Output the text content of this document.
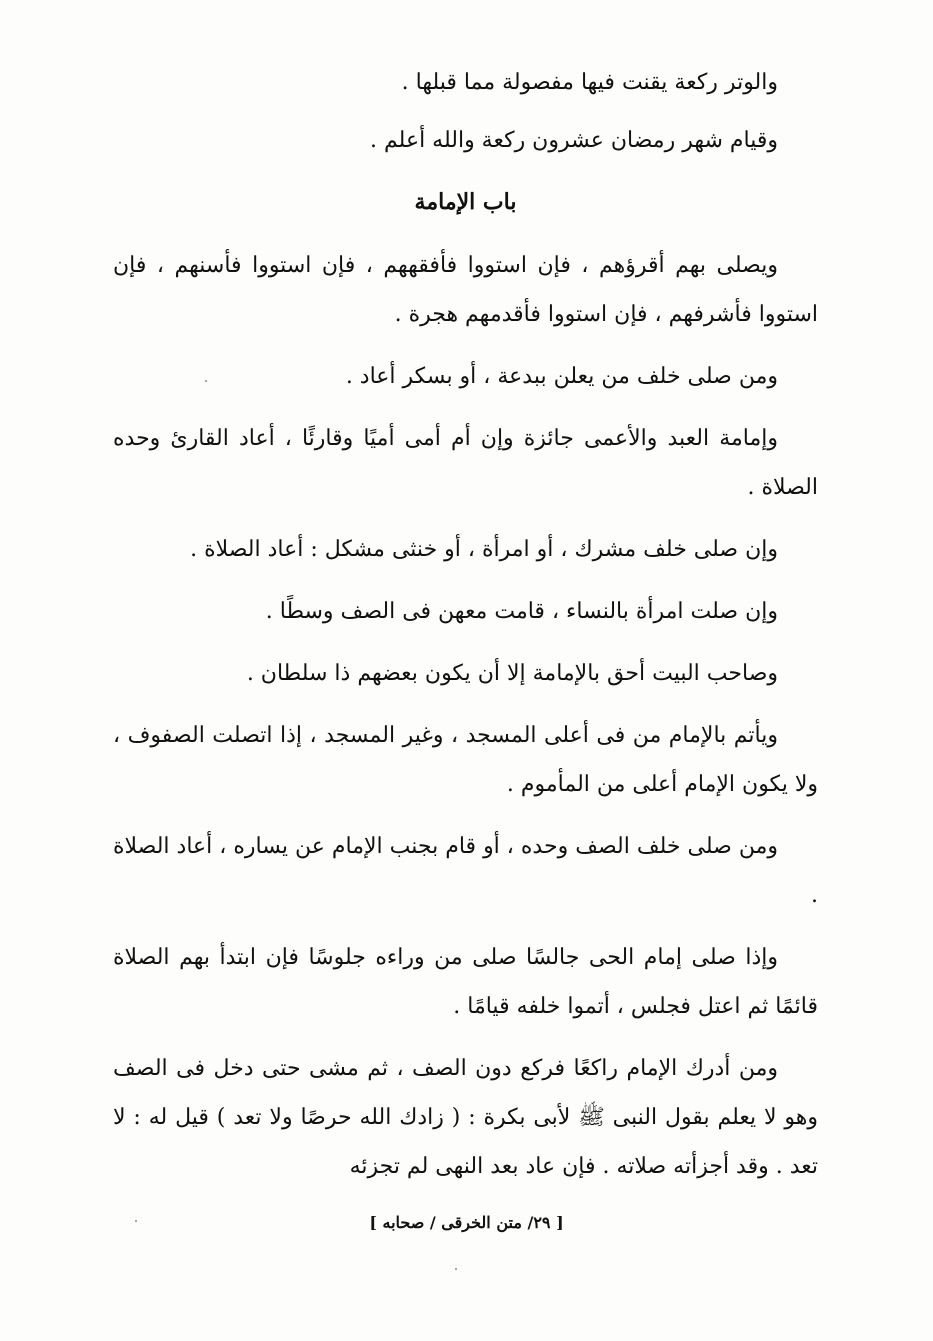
والوتر ركعة يقنت فيها مفصولة مما قبلها .

وقيام شهر رمضان عشرون ركعة والله أعلم .

باب الإمامة

ويصلى بهم أقرؤهم ، فإن استووا فأفقههم ، فإن استووا فأسنهم ، فإن استووا فأشرفهم ، فإن استووا فأقدمهم هجرة .

ومن صلى خلف من يعلن ببدعة ، أو بسكر أعاد .

وإمامة العبد والأعمى جائزة وإن أم أمى أميًا وقارئًا ، أعاد القارئ وحده الصلاة .

وإن صلى خلف مشرك ، أو امرأة ، أو خنثى مشكل : أعاد الصلاة .

وإن صلت امرأة بالنساء ، قامت معهن فى الصف وسطًا .

وصاحب البيت أحق بالإمامة إلا أن يكون بعضهم ذا سلطان .

ويأتم بالإمام من فى أعلى المسجد ، وغير المسجد ، إذا اتصلت الصفوف ، ولا يكون الإمام أعلى من المأموم .

ومن صلى خلف الصف وحده ، أو قام بجنب الإمام عن يساره ، أعاد الصلاة .

وإذا صلى إمام الحى جالسًا صلى من وراءه جلوسًا فإن ابتدأ بهم الصلاة قائمًا ثم اعتل فجلس ، أتموا خلفه قيامًا .

ومن أدرك الإمام راكعًا فركع دون الصف ، ثم مشى حتى دخل فى الصف وهو لا يعلم بقول النبى ﷺ لأبى بكرة : ( زادك الله حرصًا ولا تعد ) قيل له : لا تعد . وقد أجزأته صلاته . فإن عاد بعد النهى لم تجزئه

[ ٢٩/ متن الخرقى / صحابه ]
